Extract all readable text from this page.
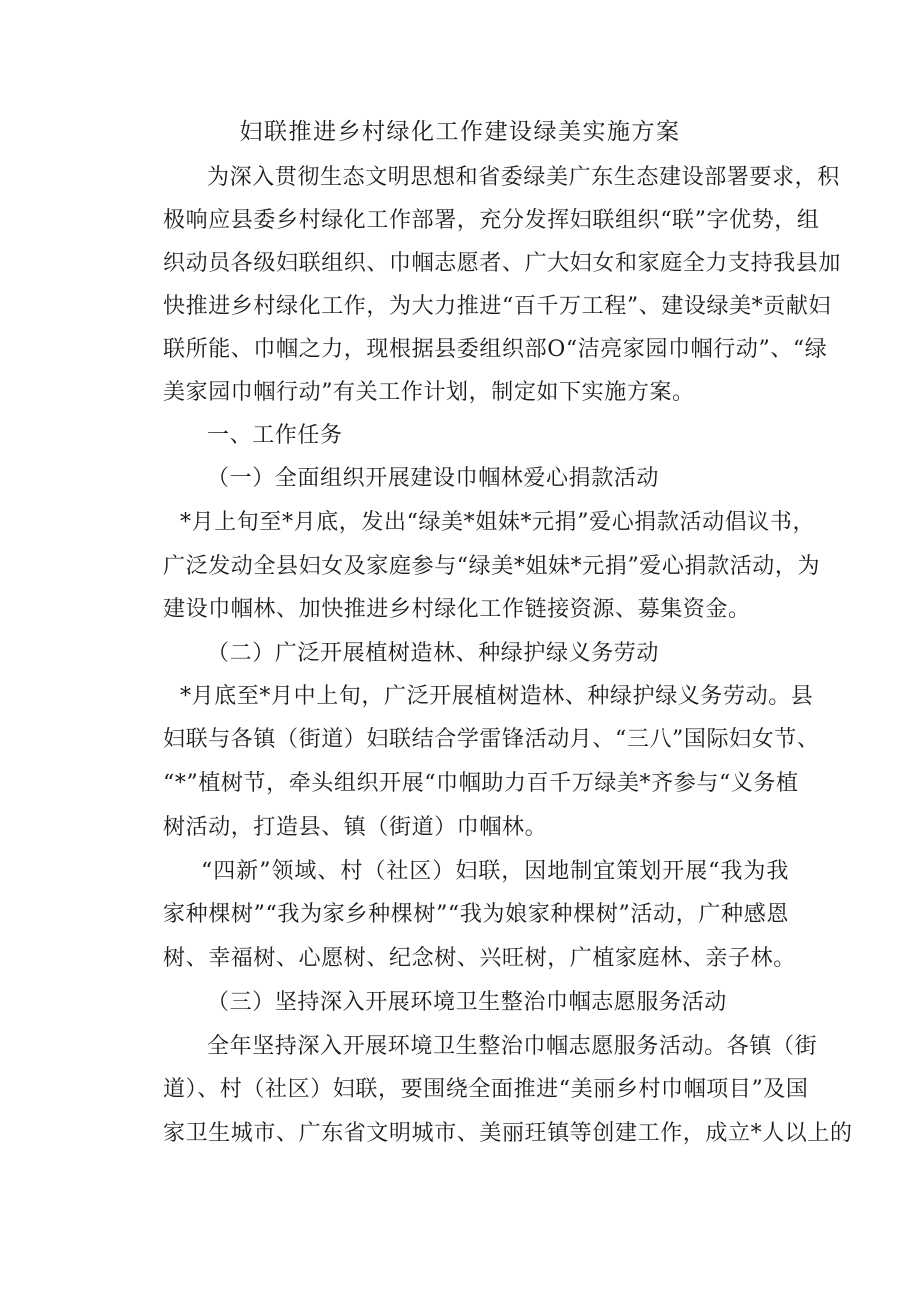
妇联推进乡村绿化工作建设绿美实施方案
为深入贯彻生态文明思想和省委绿美广东生态建设部署要求，积
极响应县委乡村绿化工作部署，充分发挥妇联组织“联”字优势，组
织动员各级妇联组织、巾帼志愿者、广大妇女和家庭全力支持我县加
快推进乡村绿化工作，为大力推进“百千万工程”、建设绿美*贡献妇
联所能、巾帼之力，现根据县委组织部O“洁亮家园巾帼行动”、“绿
美家园巾帼行动”有关工作计划，制定如下实施方案。
一、工作任务
（一）全面组织开展建设巾帼林爱心捐款活动
*月上旬至*月底，发出“绿美*姐妹*元捐”爱心捐款活动倡议书，
广泛发动全县妇女及家庭参与“绿美*姐妹*元捐”爱心捐款活动，为
建设巾帼林、加快推进乡村绿化工作链接资源、募集资金。
（二）广泛开展植树造林、种绿护绿义务劳动
*月底至*月中上旬，广泛开展植树造林、种绿护绿义务劳动。县
妇联与各镇（街道）妇联结合学雷锋活动月、“三八”国际妇女节、
“*”植树节，牵头组织开展“巾帼助力百千万绿美*齐参与“义务植
树活动，打造县、镇（街道）巾帼林。
“四新”领域、村（社区）妇联，因地制宜策划开展“我为我
家种棵树”“我为家乡种棵树”“我为娘家种棵树”活动，广种感恩
树、幸福树、心愿树、纪念树、兴旺树，广植家庭林、亲子林。
（三）坚持深入开展环境卫生整治巾帼志愿服务活动
全年坚持深入开展环境卫生整治巾帼志愿服务活动。各镇（街
道）、村（社区）妇联，要围绕全面推进“美丽乡村巾帼项目”及国
家卫生城市、广东省文明城市、美丽玨镇等创建工作，成立*人以上的
